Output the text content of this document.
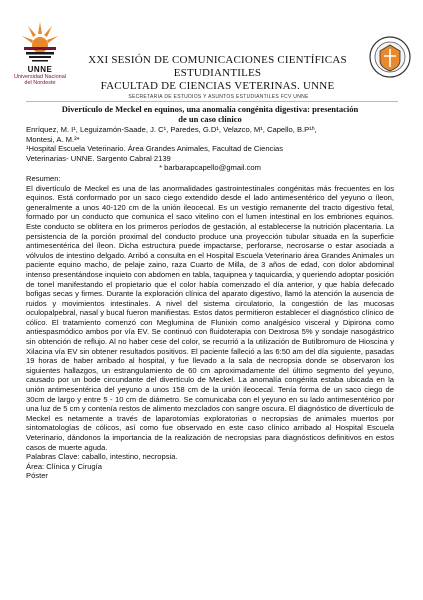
UNNE
Universidad Nacional
del Nordeste
XXI SESIÓN DE COMUNICACIONES CIENTÍFICAS
ESTUDIANTILES
FACULTAD DE CIENCIAS VETERINAS. UNNE
SECRETARIA DE ESTUDIOS Y ASUNTOS ESTUDIANTILES FCV UNNE
Divertículo de Meckel en equinos, una anomalía congénita digestiva: presentación
de un caso clínico
Enríquez, M. I¹, Leguizamón-Saade, J. C¹, Paredes, G.D¹, Velazco, M¹, Capello, B.P¹ʰ,
Montesi, A. M.²*
¹Hospital Escuela Veterinario. Área Grandes Animales, Facultad de Ciencias
Veterinarias- UNNE. Sargento Cabral 2139
* barbarapcapello@gmail.com
Resumen:
El divertículo de Meckel es una de las anormalidades gastrointestinales congénitas más frecuentes en los equinos. Está conformado por un saco ciego extendido desde el lado antimesentérico del yeyuno o íleon, generalmente a unos 40-120 cm de la unión ileocecal. Es un vestigio remanente del tracto digestivo fetal, formado por un conducto que comunica el saco vitelino con el lumen intestinal en los embriones equinos. Este conducto se oblitera en los primeros períodos de gestación, al establecerse la nutrición placentaria. La persistencia de la porción proximal del conducto produce una proyección tubular situada en la superficie antimesentérica del íleon. Dicha estructura puede impactarse, perforarse, necrosarse o estar asociada a vólvulos de intestino delgado. Arribó a consulta en el Hospital Escuela Veterinario área Grandes Animales un paciente equino macho, de pelaje zaino, raza Cuarto de Milla, de 3 años de edad, con dolor abdominal intenso presentándose inquieto con abdomen en tabla, taquipnea y taquicardia, y queriendo adoptar posición de tonel manifestando el propietario que el color había comenzado el día anterior, y que había defecado bofigas secas y firmes. Durante la exploración clínica del aparato digestivo, llamó la atención la ausencia de ruidos y movimientos intestinales. A nivel del sistema circulatorio, la congestión de las mucosas oculopalpebral, nasal y bucal fueron manifiestas. Estos datos permitieron establecer el diagnóstico clínico de cólico. El tratamiento comenzó con Meglumina de Flunixin como analgésico visceral y Dipirona como antiespasmódico ambos por vía EV. Se continuó con fluidoterapia con Dextrosa 5% y sondaje nasogástrico sin obtención de reflujo. Al no haber cese del color, se recurrió a la utilización de Butilbromuro de Hioscina y Xilacina vía EV sin obtener resultados positivos. El paciente falleció a las 6:50 am del día siguiente, pasadas 19 horas de haber arribado al hospital, y fue llevado a la sala de necropsia donde se observaron los siguientes hallazgos, un estrangulamiento de 60 cm aproximadamente del último segmento del yeyuno, causado por un bode circundante del divertículo de Meckel. La anomalía congénita estaba ubicada en la unión antimesentérica del yeyuno a unos 158 cm de la unión ileocecal. Tenía forma de un saco ciego de 30cm de largo y entre 5 - 10 cm de diámetro. Se comunicaba con el yeyuno en su lado antimesentérico por una luz de 5 cm y contenía restos de alimento mezclados con sangre oscura. El diagnóstico de divertículo de Meckel es netamente a través de laparotomías exploratorias o necropsias de animales muertos por sintomatologías de cólicos, así como fue observado en este caso clínico arribado al Hospital Escuela Veterinario, dándonos la importancia de la realización de necropsias para diagnósticos definitivos en estos casos de muerte aguda.
Palabras Clave: caballo, intestino, necropsia.
Área: Clínica y Cirugía
Póster
